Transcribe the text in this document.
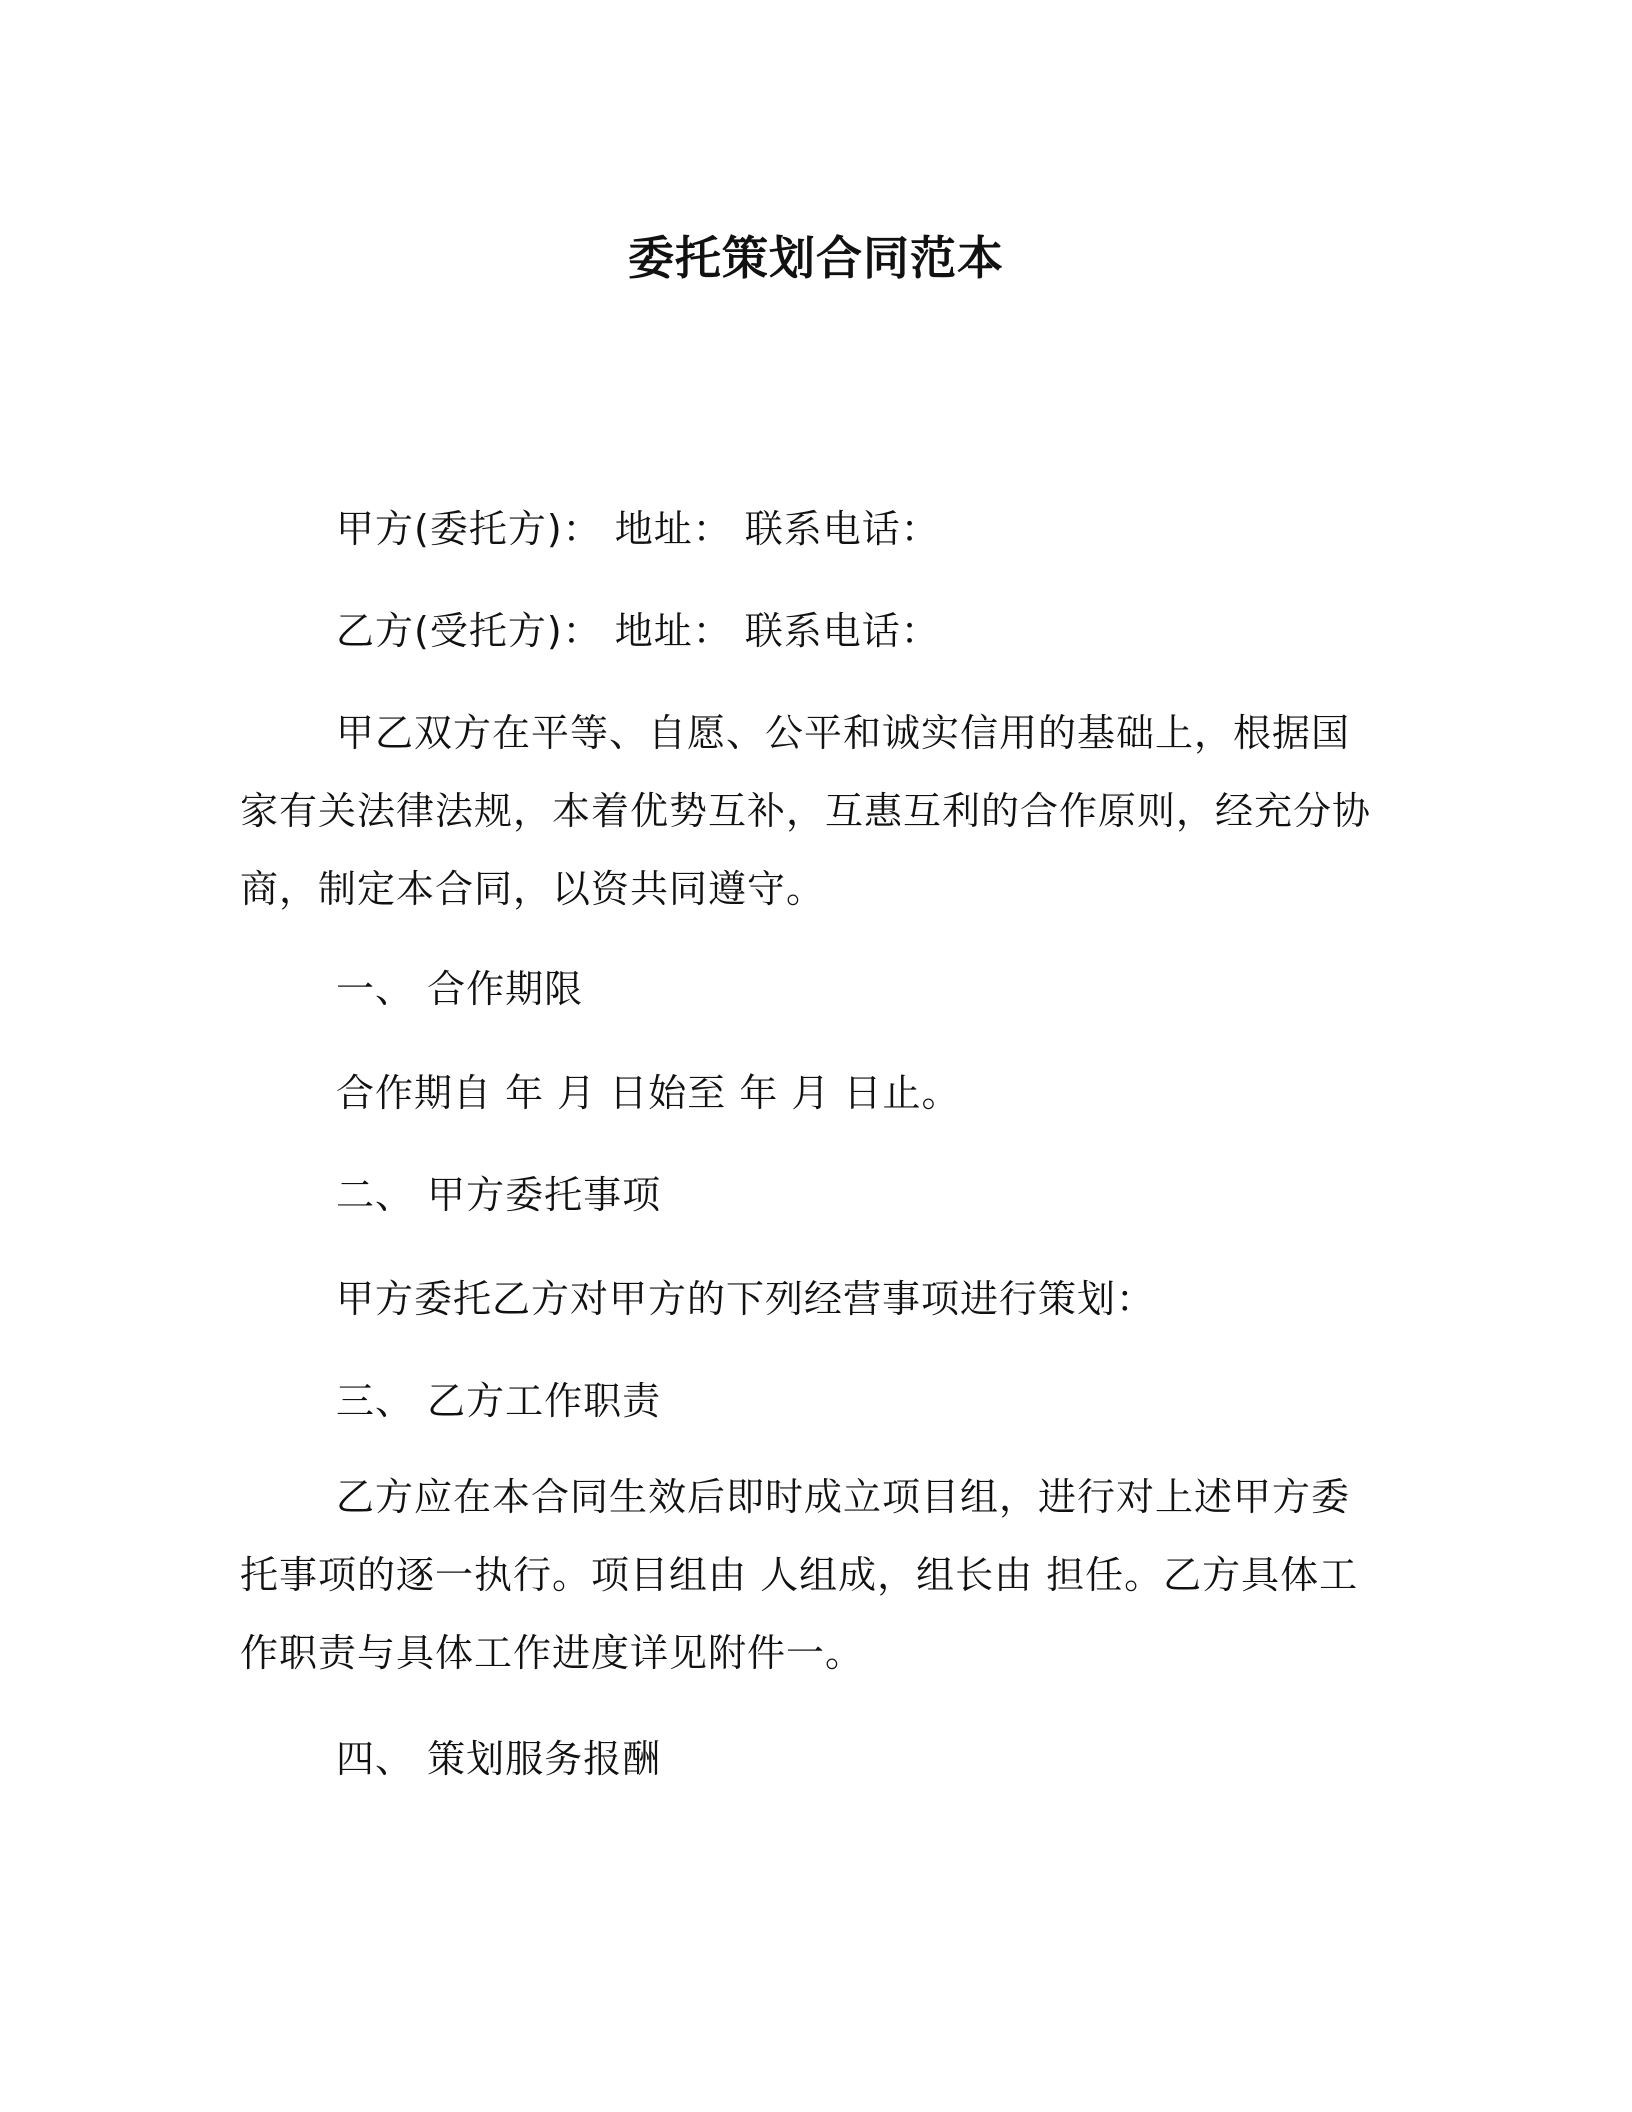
委托策划合同范本
甲方(委托方)： 地址： 联系电话：
乙方(受托方)： 地址： 联系电话：

甲乙双方在平等、自愿、公平和诚实信用的基础上，根据国家有关法律法规，本着优势互补，互惠互利的合作原则，经充分协商，制定本合同，以资共同遵守。

一、 合作期限
合作期自 年 月 日始至 年 月 日止。
二、 甲方委托事项
甲方委托乙方对甲方的下列经营事项进行策划：
三、 乙方工作职责

乙方应在本合同生效后即时成立项目组，进行对上述甲方委托事项的逐一执行。项目组由 人组成，组长由 担任。乙方具体工作职责与具体工作进度详见附件一。

四、 策划服务报酬
